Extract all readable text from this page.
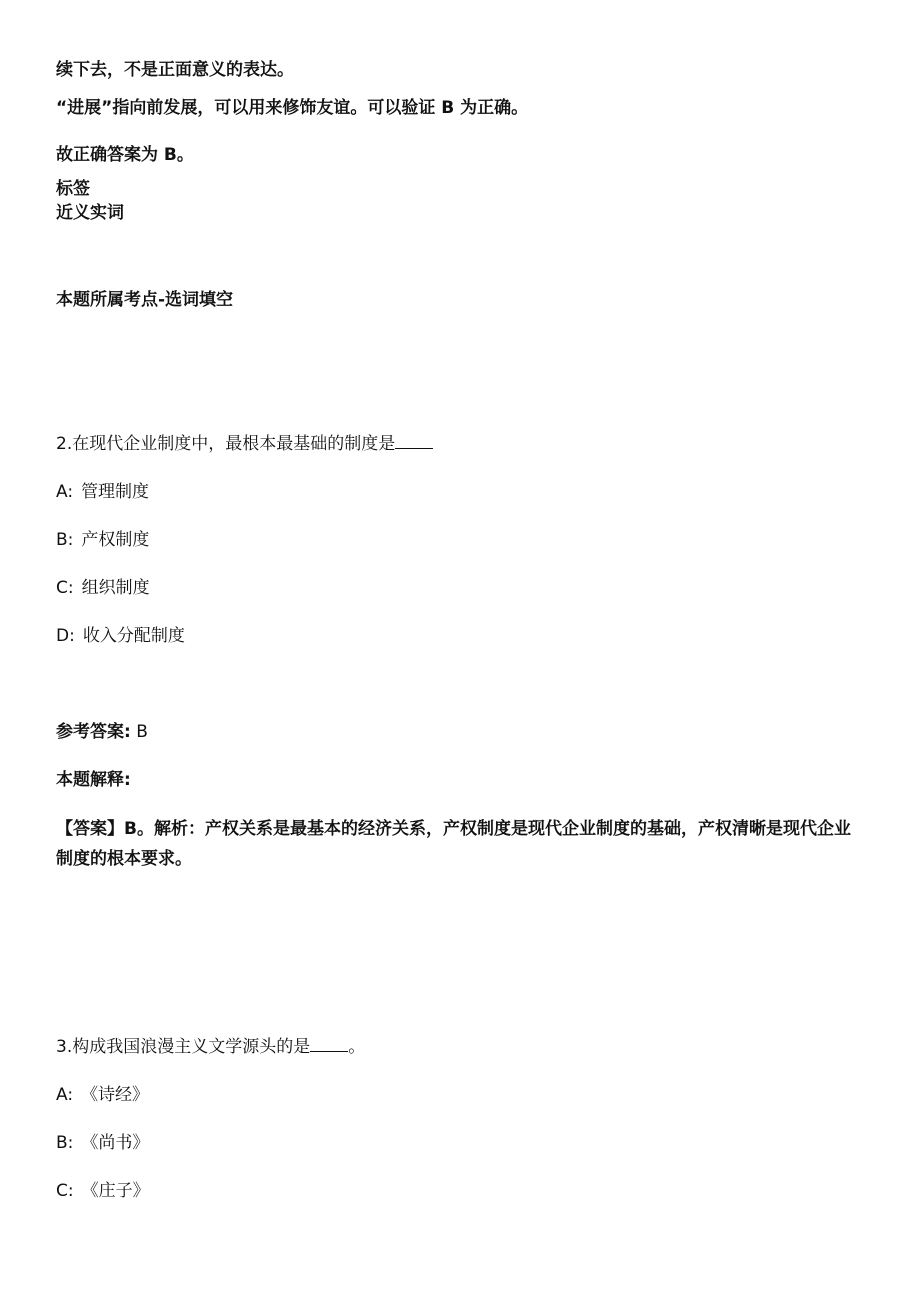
续下去，不是正面意义的表达。
“进展”指向前发展，可以用来修饰友谊。可以验证 B 为正确。
故正确答案为 B。
标签
近义实词
本题所属考点-选词填空
2.在现代企业制度中，最根本最基础的制度是
A: 管理制度
B: 产权制度
C: 组织制度
D: 收入分配制度
参考答案: B
本题解释:
【答案】B。解析：产权关系是最基本的经济关系，产权制度是现代企业制度的基础，产权清晰是现代企业制度的根本要求。
3.构成我国浪漫主义文学源头的是 。
A: 《诗经》
B: 《尚书》
C: 《庄子》
